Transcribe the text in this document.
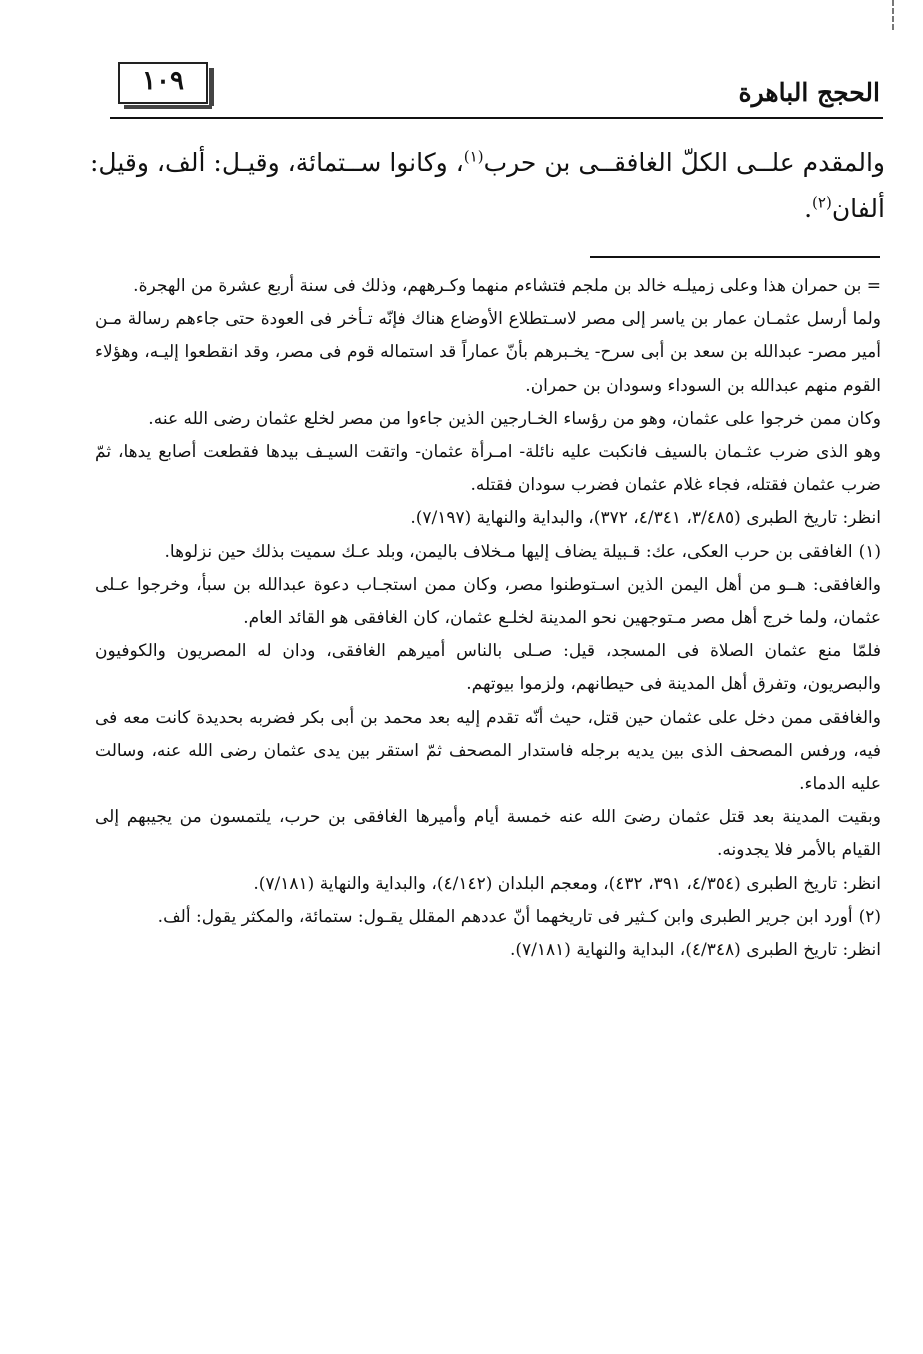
١٠٩	الحجج الباهرة
والمقدم علــى الكلّ الغافقــى بن حرب$^{(١)}$، وكانوا ســتمائة، وقيـل: ألف، وقيل: ألفان$^{(٢)}$.

= بن حمران هذا وعلى زميلـه خالد بن ملجم فتشاءم منهما وكـرههم، وذلك فى سنة أربع عشرة من الهجرة.

ولما أرسل عثمـان عمار بن ياسر إلى مصر لاسـتطلاع الأوضاع هناك فإنّه تـأخر فى العودة حتى جاءهم رسالة مـن أمير مصر- عبدالله بن سعد بن أبى سرح- يخـبرهم بأنّ عماراً قد استماله قوم فى مصر، وقد انقطعوا إليـه، وهؤلاء القوم منهم عبدالله بن السوداء وسودان بن حمران.

وكان ممن خرجوا على عثمان، وهو من رؤساء الخـارجين الذين جاءوا من مصر لخلع عثمان رضى الله عنه.

وهو الذى ضرب عثـمان بالسيف فانكبت عليه نائلة- امـرأة عثمان- واتقت السيـف بيدها فقطعت أصابع يدها، ثمّ ضرب عثمان فقتله، فجاء غلام عثمان فضرب سودان فقتله.

انظر: تاريخ الطبرى (٣/٤٨٥، ٤/٣٤١، ٣٧٢)، والبداية والنهاية (٧/١٩٧).

(١)الغافقى بن حرب العكى، عك: قـبيلة يضاف إليها مـخلاف باليمن، وبلد عـك سميت بذلك حين نزلوها.

والغافقى: هــو من أهل اليمن الذين اسـتوطنوا مصر، وكان ممن استجـاب دعوة عبدالله بن سبأ، وخرجوا عـلى عثمان، ولما خرج أهل مصر مـتوجهين نحو المدينة لخلـع عثمان، كان الغافقى هو القائد العام.

فلمّا منع عثمان الصلاة فى المسجد، قيل: صـلى بالناس أميرهم الغافقى، ودان له المصريون والكوفيون والبصريون، وتفرق أهل المدينة فى حيطانهم، ولزموا بيوتهم.

والغافقى ممن دخل على عثمان حين قتل، حيث أنّه تقدم إليه بعد محمد بن أبى بكر فضربه بحديدة كانت معه فى فيه، ورفس المصحف الذى بين يديه برجله فاستدار المصحف ثمّ استقر بين يدى عثمان رضى الله عنه، وسالت عليه الدماء.

وبقيت المدينة بعد قتل عثمان رضىَ الله عنه خمسة أيام وأميرها الغافقى بن حرب، يلتمسون من يجيبهم إلى القيام بالأمر فلا يجدونه.

انظر: تاريخ الطبرى (٤/٣٥٤، ٣٩١، ٤٣٢)، ومعجم البلدان (٤/١٤٢)، والبداية والنهاية (٧/١٨١).

(٢)أورد ابن جرير الطبرى وابن كـثير فى تاريخهما أنّ عددهم المقلل يقـول: ستمائة، والمكثر يقول: ألف.

انظر: تاريخ الطبرى (٤/٣٤٨)، البداية والنهاية (٧/١٨١).
